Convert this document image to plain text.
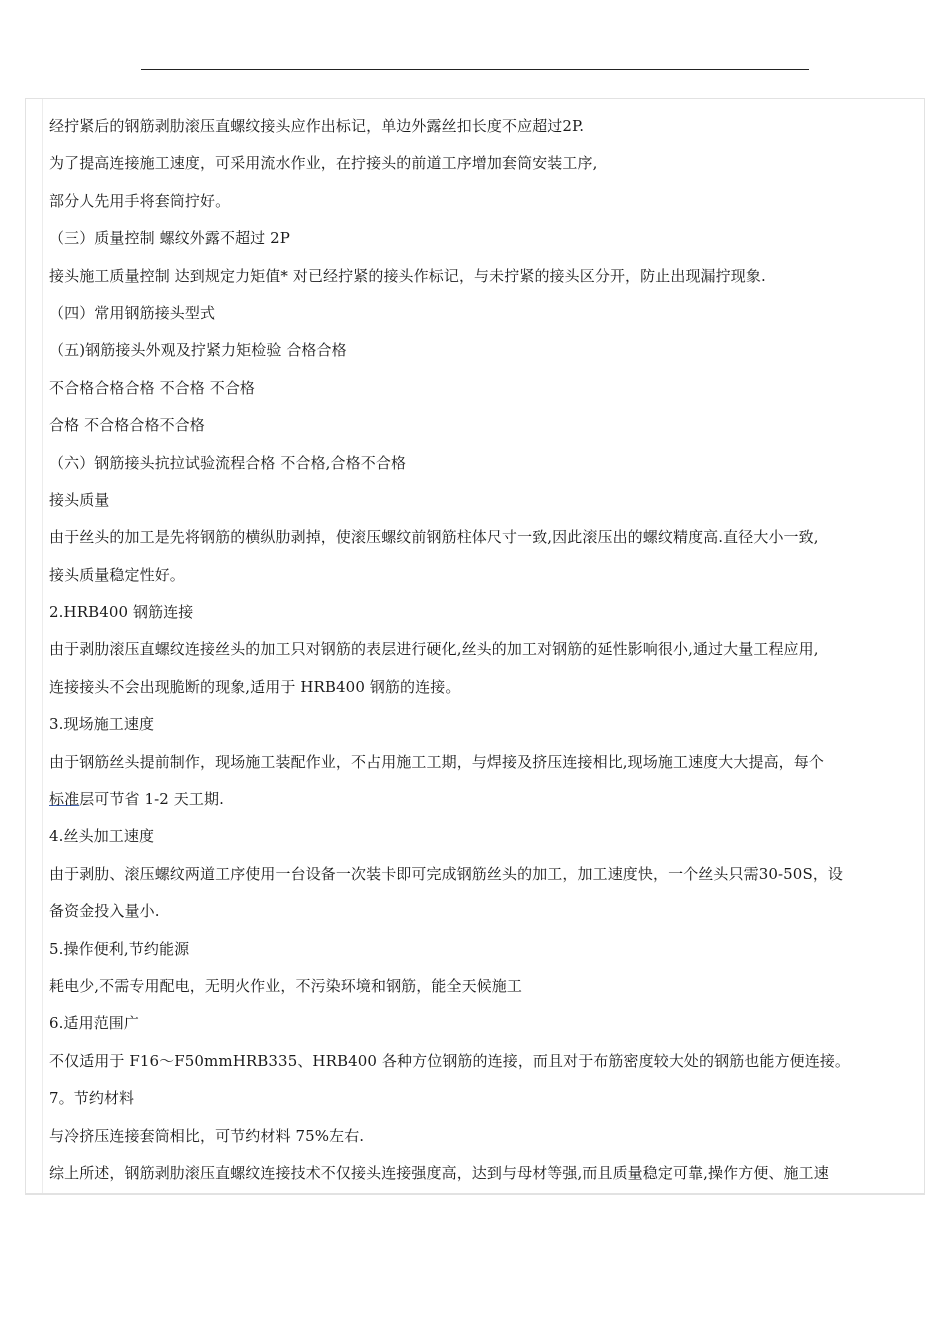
经拧紧后的钢筋剥肋滚压直螺纹接头应作出标记，单边外露丝扣长度不应超过2P.
为了提高连接施工速度，可采用流水作业，在拧接头的前道工序增加套筒安装工序,
部分人先用手将套筒拧好。
（三）质量控制 螺纹外露不超过 2P
接头施工质量控制 达到规定力矩值* 对已经拧紧的接头作标记，与未拧紧的接头区分开，防止出现漏拧现象.
（四）常用钢筋接头型式
（五)钢筋接头外观及拧紧力矩检验 合格合格
不合格合格合格 不合格 不合格
合格 不合格合格不合格
（六）钢筋接头抗拉试验流程合格 不合格,合格不合格
接头质量
由于丝头的加工是先将钢筋的横纵肋剥掉，使滚压螺纹前钢筋柱体尺寸一致,因此滚压出的螺纹精度高.直径大小一致,
接头质量稳定性好。
2.HRB400 钢筋连接
由于剥肋滚压直螺纹连接丝头的加工只对钢筋的表层进行硬化,丝头的加工对钢筋的延性影响很小,通过大量工程应用,
连接接头不会出现脆断的现象,适用于 HRB400 钢筋的连接。
3.现场施工速度
由于钢筋丝头提前制作，现场施工装配作业，不占用施工工期，与焊接及挤压连接相比,现场施工速度大大提高，每个
标准层可节省 1-2 天工期.
4.丝头加工速度
由于剥肋、滚压螺纹两道工序使用一台设备一次装卡即可完成钢筋丝头的加工，加工速度快，一个丝头只需30-50S，设
备资金投入量小.
5.操作便利,节约能源
耗电少,不需专用配电，无明火作业，不污染环境和钢筋，能全天候施工
6.适用范围广
不仅适用于 F16～F50mmHRB335、HRB400 各种方位钢筋的连接，而且对于布筋密度较大处的钢筋也能方便连接。
7。节约材料
与冷挤压连接套筒相比，可节约材料 75%左右.
综上所述，钢筋剥肋滚压直螺纹连接技术不仅接头连接强度高，达到与母材等强,而且质量稳定可靠,操作方便、施工速
